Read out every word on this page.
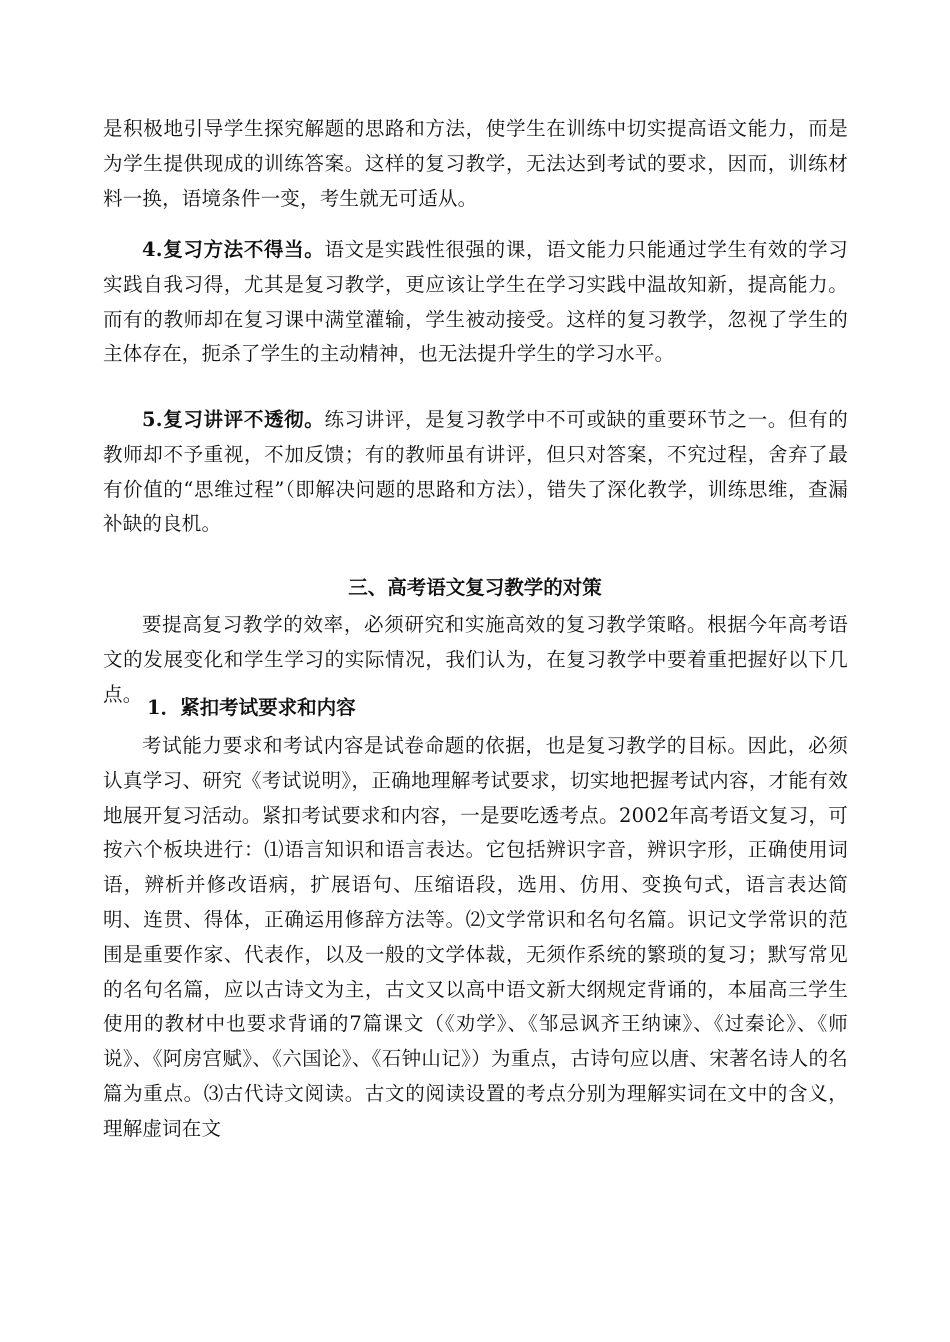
是积极地引导学生探究解题的思路和方法，使学生在训练中切实提高语文能力，而是为学生提供现成的训练答案。这样的复习教学，无法达到考试的要求，因而，训练材料一换，语境条件一变，考生就无可适从。

4.复习方法不得当。语文是实践性很强的课，语文能力只能通过学生有效的学习实践自我习得，尤其是复习教学，更应该让学生在学习实践中温故知新，提高能力。而有的教师却在复习课中满堂灌输，学生被动接受。这样的复习教学，忽视了学生的主体存在，扼杀了学生的主动精神，也无法提升学生的学习水平。

5.复习讲评不透彻。练习讲评，是复习教学中不可或缺的重要环节之一。但有的教师却不予重视，不加反馈；有的教师虽有讲评，但只对答案，不究过程，舍弃了最有价值的“思维过程”（即解决问题的思路和方法），错失了深化教学，训练思维，查漏补缺的良机。

三、高考语文复习教学的对策

要提高复习教学的效率，必须研究和实施高效的复习教学策略。根据今年高考语文的发展变化和学生学习的实际情况，我们认为，在复习教学中要着重把握好以下几点。

1．紧扣考试要求和内容

考试能力要求和考试内容是试卷命题的依据，也是复习教学的目标。因此，必须认真学习、研究《考试说明》，正确地理解考试要求，切实地把握考试内容，才能有效地展开复习活动。紧扣考试要求和内容，一是要吃透考点。2002年高考语文复习，可按六个板块进行：⑴语言知识和语言表达。它包括辨识字音，辨识字形，正确使用词语，辨析并修改语病，扩展语句、压缩语段，选用、仿用、变换句式，语言表达简明、连贯、得体，正确运用修辞方法等。⑵文学常识和名句名篇。识记文学常识的范围是重要作家、代表作，以及一般的文学体裁，无须作系统的繁琐的复习；默写常见的名句名篇，应以古诗文为主，古文又以高中语文新大纲规定背诵的，本届高三学生使用的教材中也要求背诵的7篇课文（《劝学》、《邹忌讽齐王纳谏》、《过秦论》、《师说》、《阿房宫赋》、《六国论》、《石钟山记》）为重点，古诗句应以唐、宋著名诗人的名篇为重点。⑶古代诗文阅读。古文的阅读设置的考点分别为理解实词在文中的含义，理解虚词在文
